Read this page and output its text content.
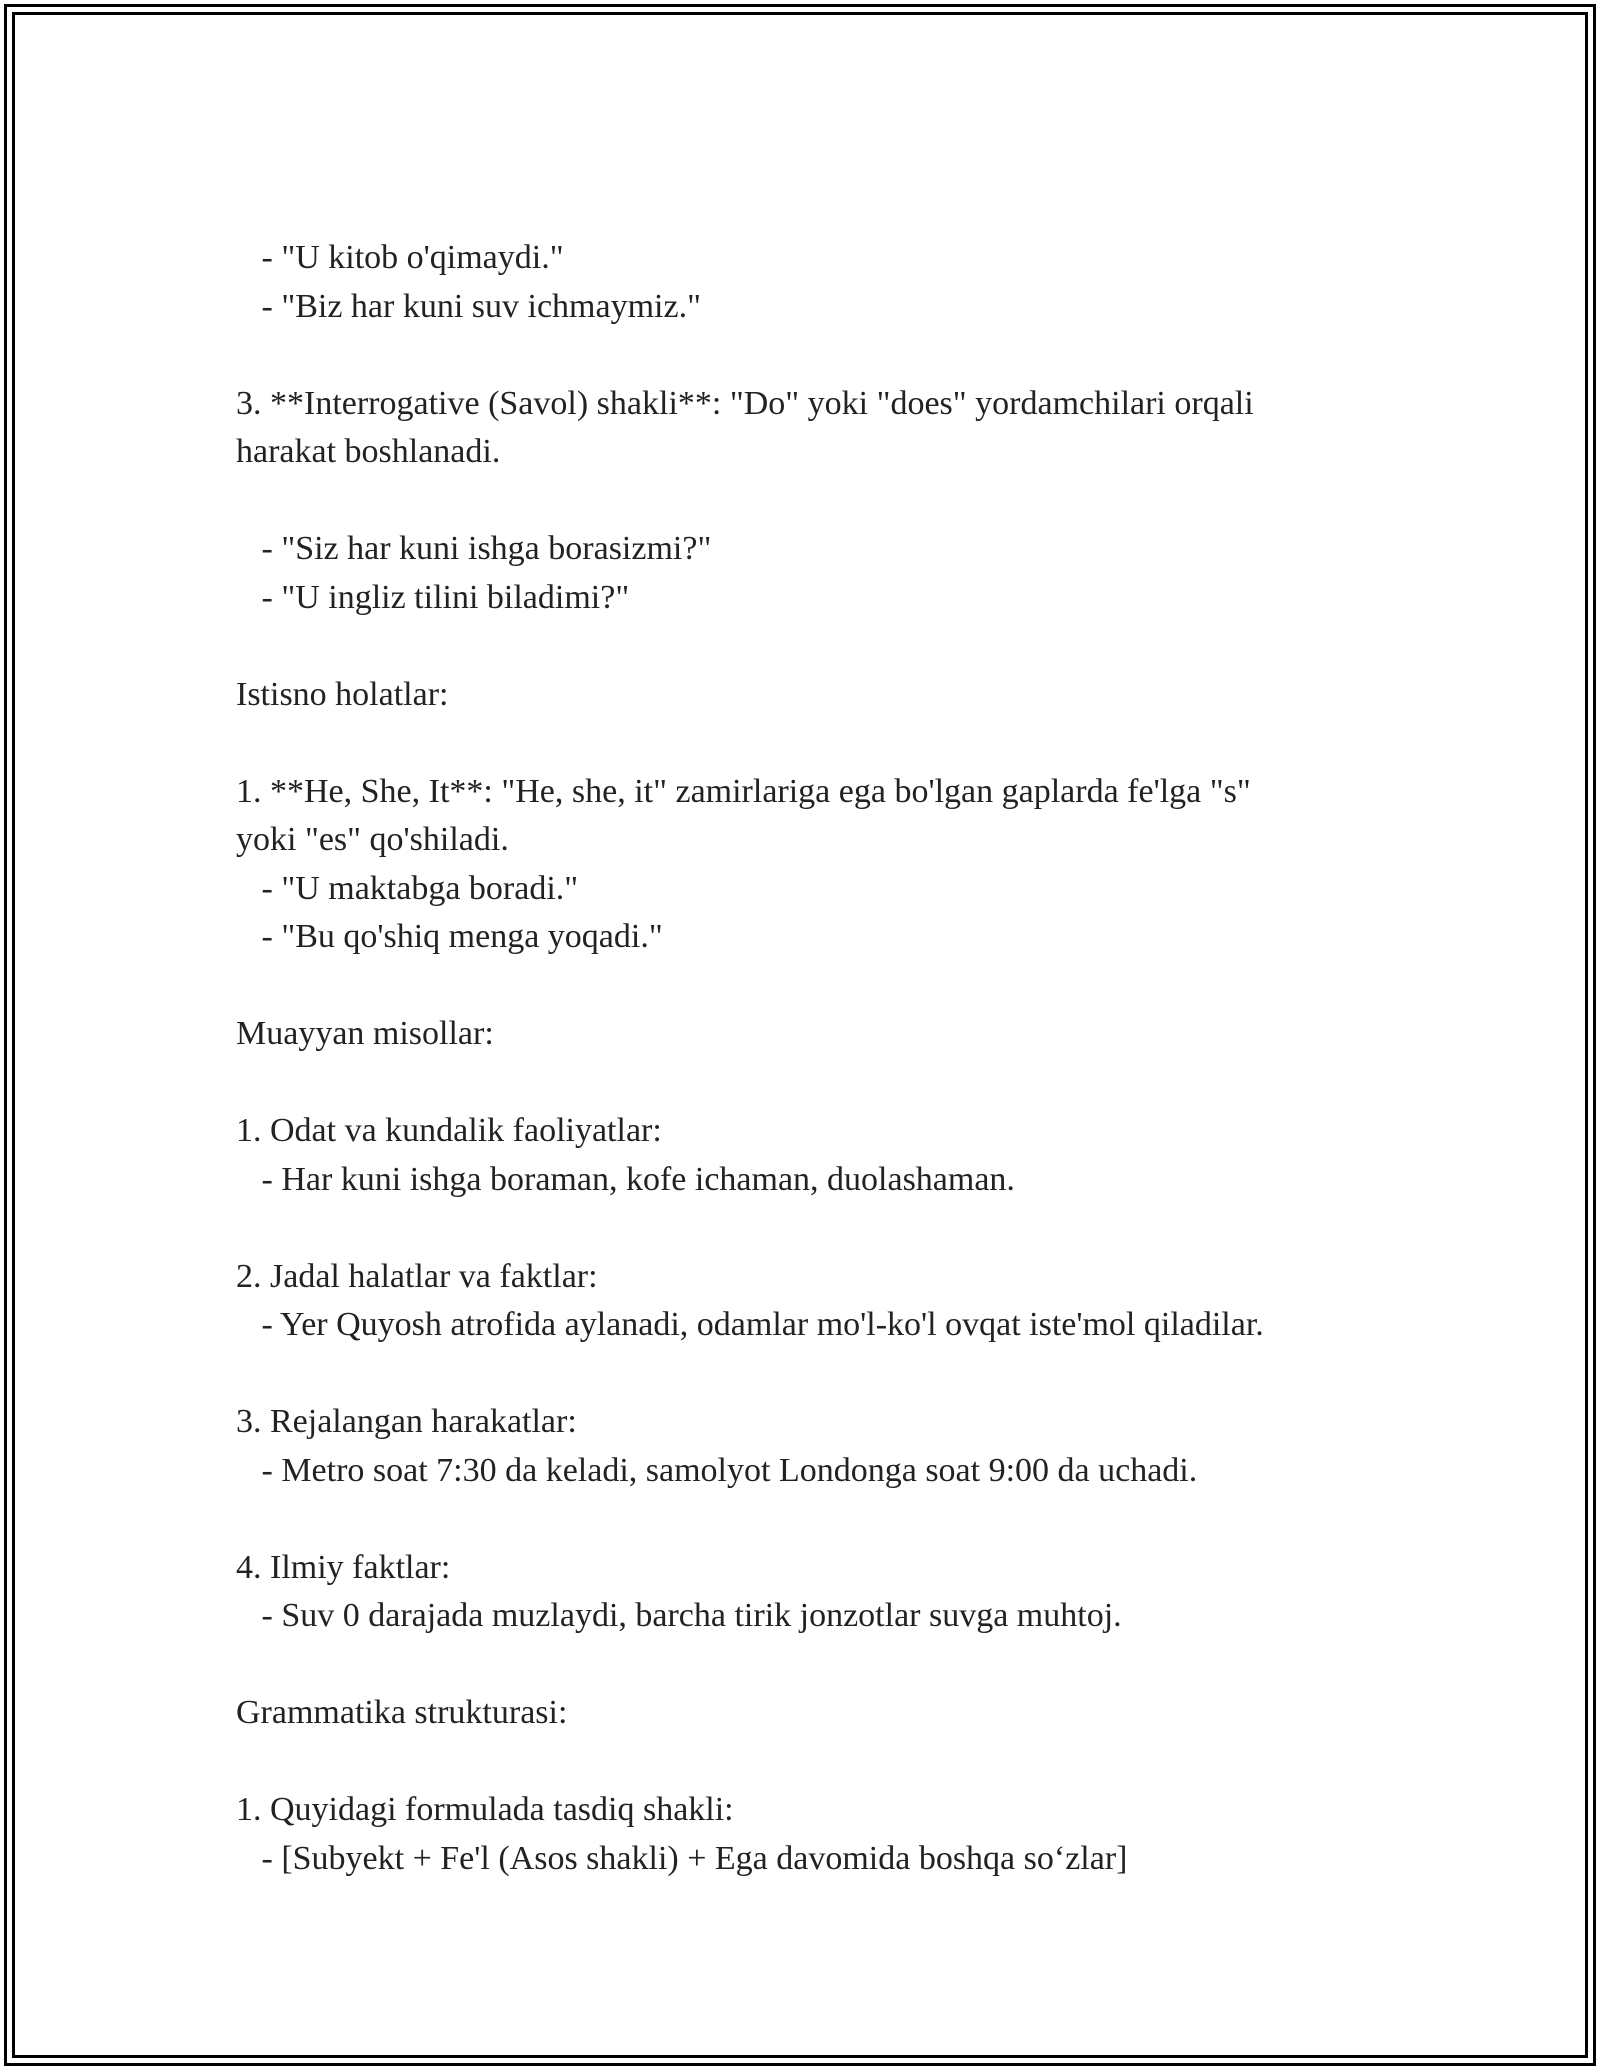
- "U kitob o'qimaydi."
- "Biz har kuni suv ichmaymiz."
3. **Interrogative (Savol) shakli**: "Do" yoki "does" yordamchilari orqali
harakat boshlanadi.
- "Siz har kuni ishga borasizmi?"
- "U ingliz tilini biladimi?"
Istisno holatlar:
1. **He, She, It**: "He, she, it" zamirlariga ega bo'lgan gaplarda fe'lga "s"
yoki "es" qo'shiladi.
- "U maktabga boradi."
- "Bu qo'shiq menga yoqadi."
Muayyan misollar:
1. Odat va kundalik faoliyatlar:
- Har kuni ishga boraman, kofe ichaman, duolashaman.
2. Jadal halatlar va faktlar:
- Yer Quyosh atrofida aylanadi, odamlar mo'l-ko'l ovqat iste'mol qiladilar.
3. Rejalangan harakatlar:
- Metro soat 7:30 da keladi, samolyot Londonga soat 9:00 da uchadi.
4. Ilmiy faktlar:
- Suv 0 darajada muzlaydi, barcha tirik jonzotlar suvga muhtoj.
Grammatika strukturasi:
1. Quyidagi formulada tasdiq shakli:
- [Subyekt + Fe'l (Asos shakli) + Ega davomida boshqa so‘zlar]
